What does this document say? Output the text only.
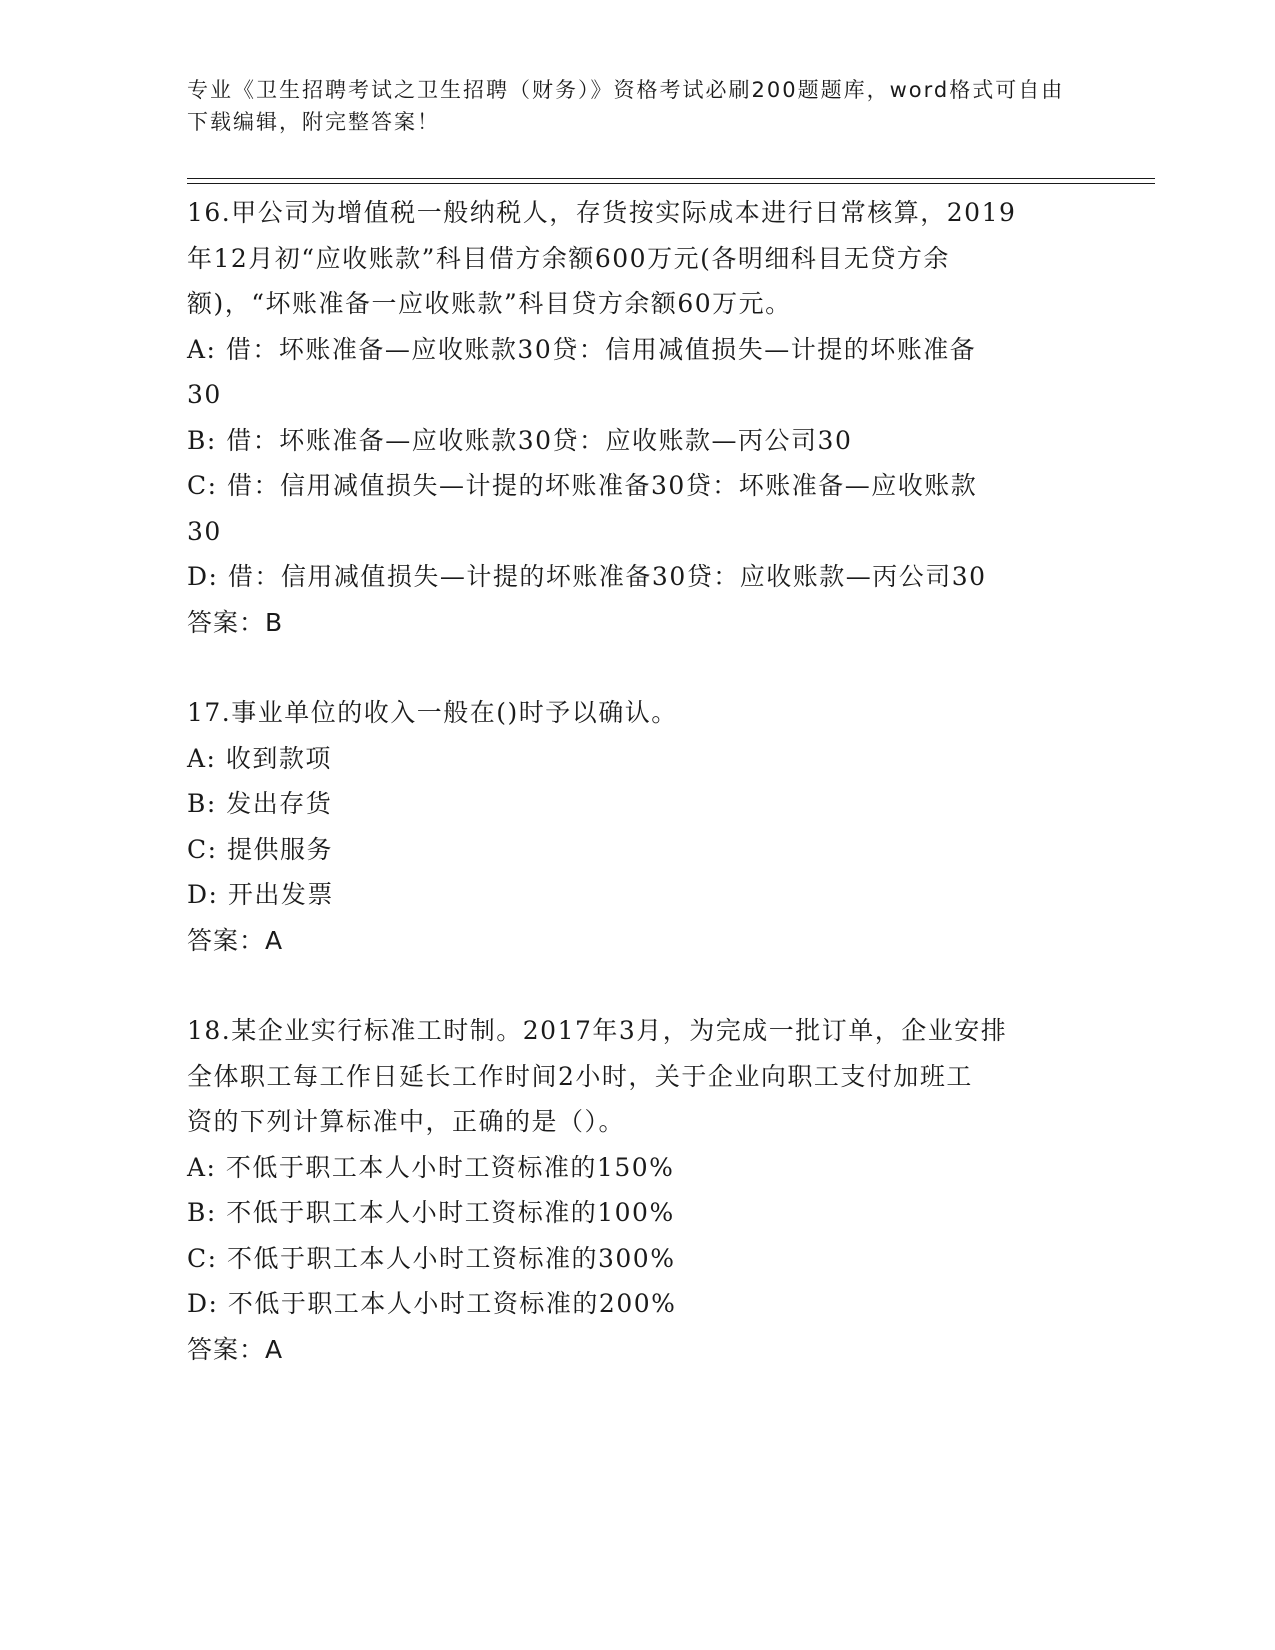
专业《卫生招聘考试之卫生招聘（财务）》资格考试必刷200题题库，word格式可自由下载编辑，附完整答案！
16.甲公司为增值税一般纳税人，存货按实际成本进行日常核算，2019
年12月初“应收账款”科目借方余额600万元(各明细科目无贷方余
额)，“坏账准备一应收账款”科目贷方余额60万元。
A: 借：坏账准备—应收账款30贷：信用减值损失—计提的坏账准备
30
B: 借：坏账准备—应收账款30贷：应收账款—丙公司30
C: 借：信用减值损失—计提的坏账准备30贷：坏账准备—应收账款
30
D: 借：信用减值损失—计提的坏账准备30贷：应收账款—丙公司30
答案：B
17.事业单位的收入一般在()时予以确认。
A: 收到款项
B: 发出存货
C: 提供服务
D: 开出发票
答案：A
18.某企业实行标准工时制。2017年3月，为完成一批订单，企业安排
全体职工每工作日延长工作时间2小时，关于企业向职工支付加班工
资的下列计算标准中，正确的是（）。
A: 不低于职工本人小时工资标准的150%
B: 不低于职工本人小时工资标准的100%
C: 不低于职工本人小时工资标准的300%
D: 不低于职工本人小时工资标准的200%
答案：A
